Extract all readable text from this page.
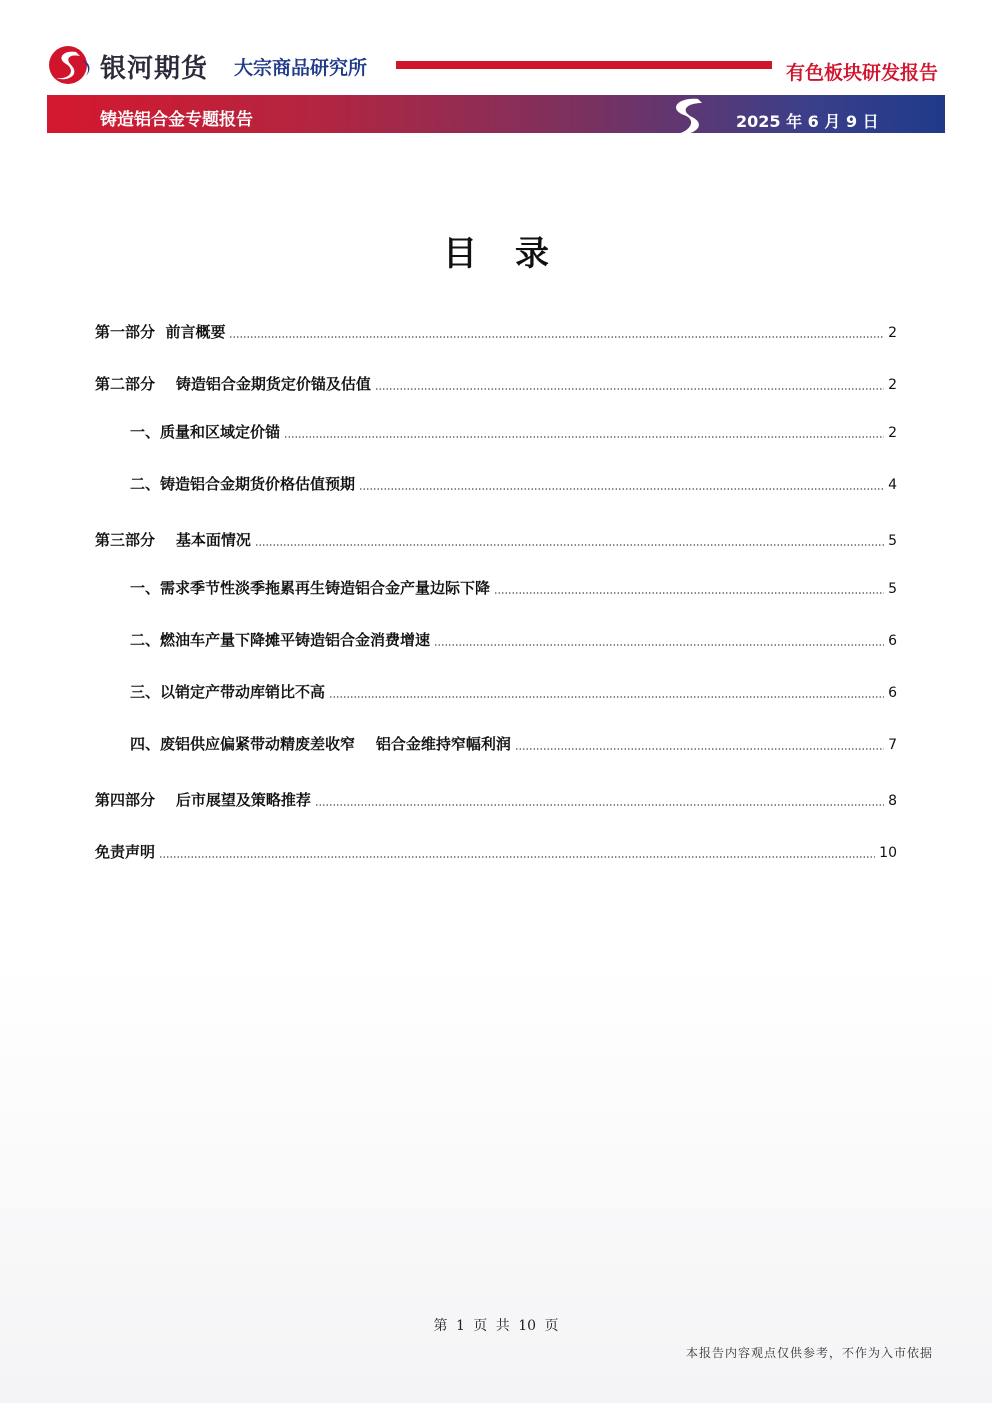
银河期货 大宗商品研究所	有色板块研发报告
铸造铝合金专题报告	2025 年 6 月 9 日
目录
第一部分  前言概要	2
第二部分    铸造铝合金期货定价锚及估值	2
一、质量和区域定价锚	2
二、铸造铝合金期货价格估值预期	4
第三部分    基本面情况	5
一、需求季节性淡季拖累再生铸造铝合金产量边际下降	5
二、燃油车产量下降摊平铸造铝合金消费增速	6
三、以销定产带动库销比不高	6
四、废铝供应偏紧带动精废差收窄    铝合金维持窄幅利润	7
第四部分    后市展望及策略推荐	8
免责声明	10
第 1 页 共 10 页
本报告内容观点仅供参考，不作为入市依据
